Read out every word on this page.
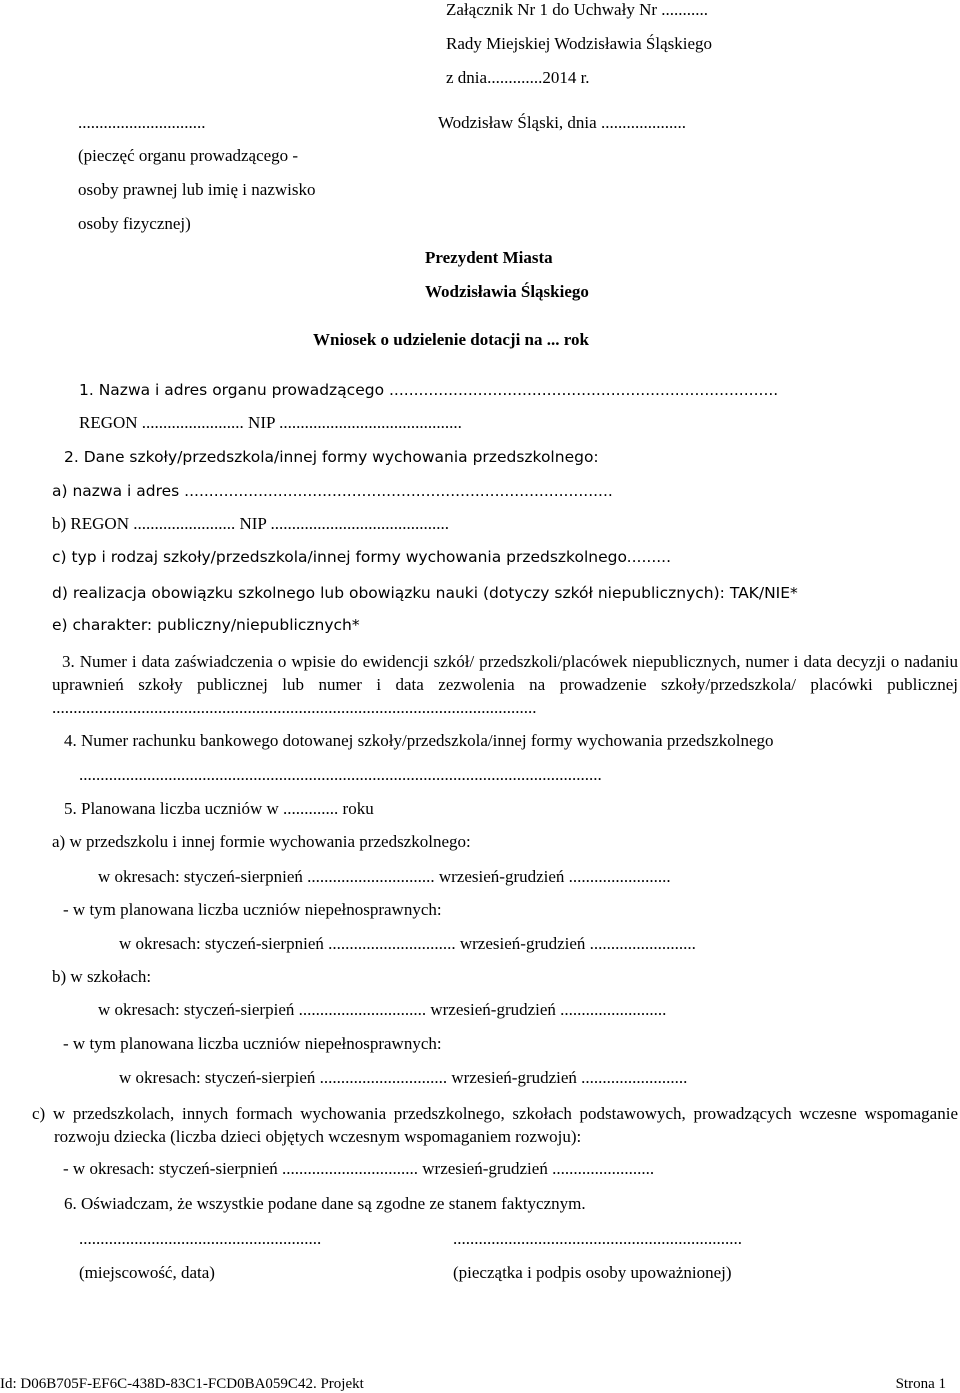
Załącznik Nr 1 do Uchwały Nr ...........
Rady Miejskiej Wodzisławia Śląskiego
z dnia.............2014 r.
..............................
(pieczęć organu prowadzącego -
osoby prawnej lub imię i nazwisko
osoby fizycznej)
Wodzisław Śląski, dnia ....................
Prezydent Miasta
Wodzisławia Śląskiego
Wniosek o udzielenie dotacji na ... rok
1. Nazwa i adres organu prowadzącego ...............................................................................
REGON ........................ NIP ...........................................
2. Dane szkoły/przedszkola/innej formy wychowania przedszkolnego:
a) nazwa i adres .......................................................................................
b) REGON ........................ NIP ..........................................
c) typ i rodzaj szkoły/przedszkola/innej formy wychowania przedszkolnego.........
d) realizacja obowiązku szkolnego lub obowiązku nauki (dotyczy szkół niepublicznych): TAK/NIE*
e) charakter: publiczny/niepublicznych*
3. Numer i data zaświadczenia o wpisie do ewidencji szkół/ przedszkoli/placówek niepublicznych, numer i data decyzji o nadaniu uprawnień szkoły publicznej lub numer i data zezwolenia na prowadzenie szkoły/przedszkola/ placówki publicznej ..................................................................................................................
4. Numer rachunku bankowego dotowanej szkoły/przedszkola/innej formy wychowania przedszkolnego
...........................................................................................................................
5. Planowana liczba uczniów w ............. roku
a) w przedszkolu i innej formie wychowania przedszkolnego:
w okresach: styczeń-sierpnień .............................. wrzesień-grudzień ........................
- w tym planowana liczba uczniów niepełnosprawnych:
w okresach: styczeń-sierpnień .............................. wrzesień-grudzień .........................
b) w szkołach:
w okresach: styczeń-sierpień .............................. wrzesień-grudzień .........................
- w tym planowana liczba uczniów niepełnosprawnych:
w okresach: styczeń-sierpień .............................. wrzesień-grudzień .........................
c) w przedszkolach, innych formach wychowania przedszkolnego, szkołach podstawowych, prowadzących wczesne wspomaganie rozwoju dziecka (liczba dzieci objętych wczesnym wspomaganiem rozwoju):
- w okresach: styczeń-sierpnień ................................ wrzesień-grudzień ........................
6. Oświadczam, że wszystkie podane dane są zgodne ze stanem faktycznym.
.........................................................	....................................................................
(miejscowość, data)	(pieczątka i podpis osoby upoważnionej)
Id: D06B705F-EF6C-438D-83C1-FCD0BA059C42. Projekt	Strona 1
